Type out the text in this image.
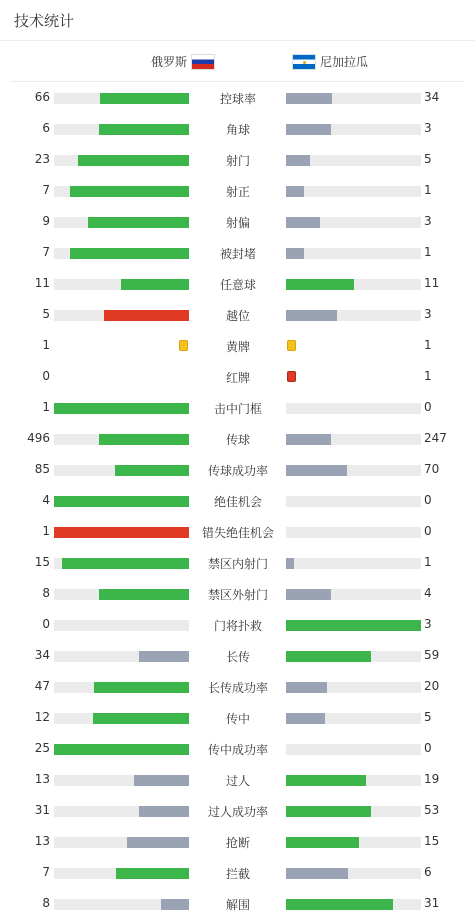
技术统计
俄罗斯	尼加拉瓜
66	控球率	34
6	角球	3
23	射门	5
7	射正	1
9	射偏	3
7	被封堵	1
11	任意球	11
5	越位	3
1	黄牌	1
0	红牌	1
1	击中门框	0
496	传球	247
85	传球成功率	70
4	绝佳机会	0
1	错失绝佳机会	0
15	禁区内射门	1
8	禁区外射门	4
0	门将扑救	3
34	长传	59
47	长传成功率	20
12	传中	5
25	传中成功率	0
13	过人	19
31	过人成功率	53
13	抢断	15
7	拦截	6
8	解围	31
